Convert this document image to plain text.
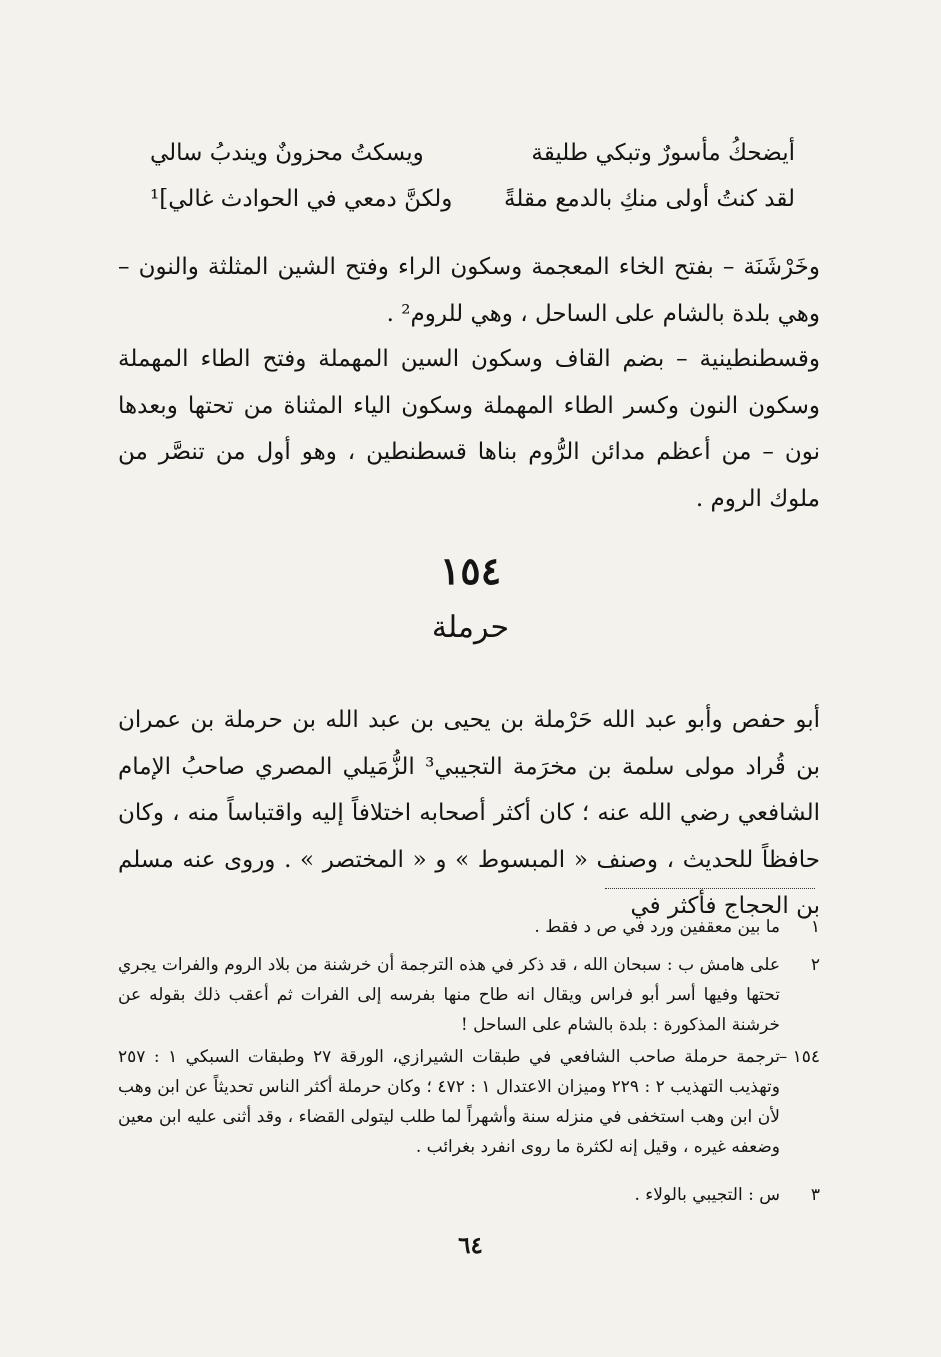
أيضحكُ مأسورٌ وتبكي طليقة
ويسكتُ محزونٌ ويندبُ سالي
لقد كنتُ أولى منكِ بالدمع مقلةً
ولكنَّ دمعي في الحوادث غالي]¹
وخَرْشَنَة – بفتح الخاء المعجمة وسكون الراء وفتح الشين المثلثة والنون – وهي بلدة بالشام على الساحل ، وهي للروم² .
وقسطنطينية – بضم القاف وسكون السين المهملة وفتح الطاء المهملة وسكون النون وكسر الطاء المهملة وسكون الياء المثناة من تحتها وبعدها نون – من أعظم مدائن الرُّوم بناها قسطنطين ، وهو أول من تنصَّر من ملوك الروم .
١٥٤
حرملة
أبو حفص وأبو عبد الله حَرْملة بن يحيى بن عبد الله بن حرملة بن عمران بن قُراد مولى سلمة بن مخرَمة التجيبي³ الزُّمَيلي المصري صاحبُ الإمام الشافعي رضي الله عنه ؛ كان أكثر أصحابه اختلافاً إليه واقتباساً منه ، وكان حافظاً للحديث ، وصنف « المبسوط » و « المختصر » . وروى عنه مسلم بن الحجاج فأكثر في
١
ما بين معقفين ورد في ص د فقط .
٢
على هامش ب : سبحان الله ، قد ذكر في هذه الترجمة أن خرشنة من بلاد الروم والفرات يجري تحتها وفيها أسر أبو فراس ويقال انه طاح منها بفرسه إلى الفرات ثم أعقب ذلك بقوله عن خرشنة المذكورة : بلدة بالشام على الساحل !
١٥٤ –
ترجمة حرملة صاحب الشافعي في طبقات الشيرازي، الورقة ٢٧ وطبقات السبكي ١ : ٢٥٧ وتهذيب التهذيب ٢ : ٢٢٩ وميزان الاعتدال ١ : ٤٧٢ ؛ وكان حرملة أكثر الناس تحديثاً عن ابن وهب لأن ابن وهب استخفى في منزله سنة وأشهراً لما طلب ليتولى القضاء ، وقد أثنى عليه ابن معين وضعفه غيره ، وقيل إنه لكثرة ما روى انفرد بغرائب .
٣
س : التجيبي بالولاء .
٦٤
